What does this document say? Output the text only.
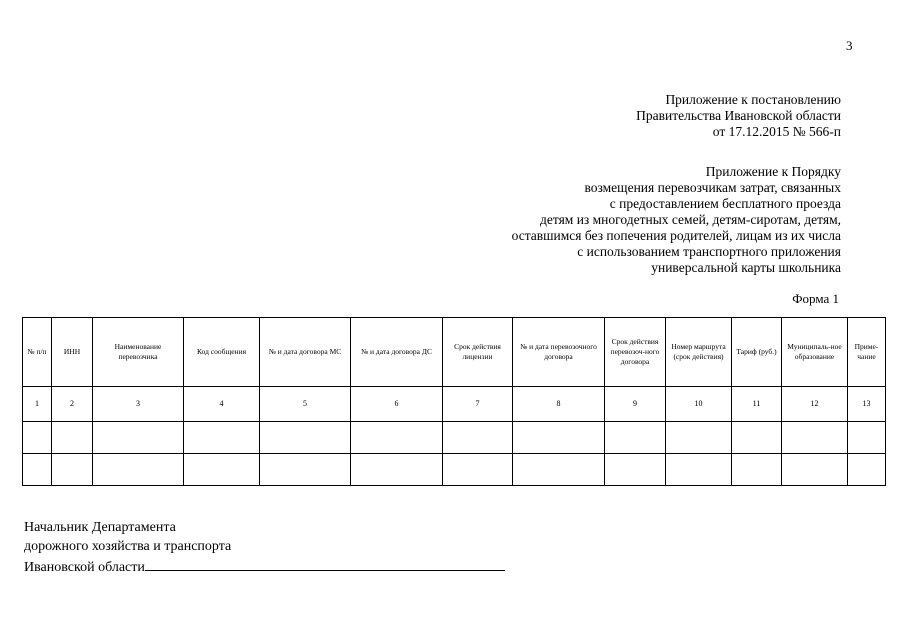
3
Приложение к постановлению
Правительства Ивановской области
от 17.12.2015 № 566-п
Приложение к Порядку
возмещения перевозчикам затрат, связанных
с предоставлением бесплатного проезда
детям из многодетных семей, детям-сиротам, детям,
оставшимся без попечения родителей, лицам из их числа
с использованием транспортного приложения
универсальной карты школьника
Форма 1
№ п/п	ИНН	Наименование перевозчика	Код сообщения	№ и дата договора МС	№ и дата договора ДС	Срок действия лицензии	№ и дата перевозочного договора	Срок действия перевозоч-ного договора	Номер маршрута (срок действия)	Тариф (руб.)	Муниципаль-ное образование	Приме-чание
1	2	3	4	5	6	7	8	9	10	11	12	13

Начальник Департамента
дорожного хозяйства и транспорта
Ивановской области
